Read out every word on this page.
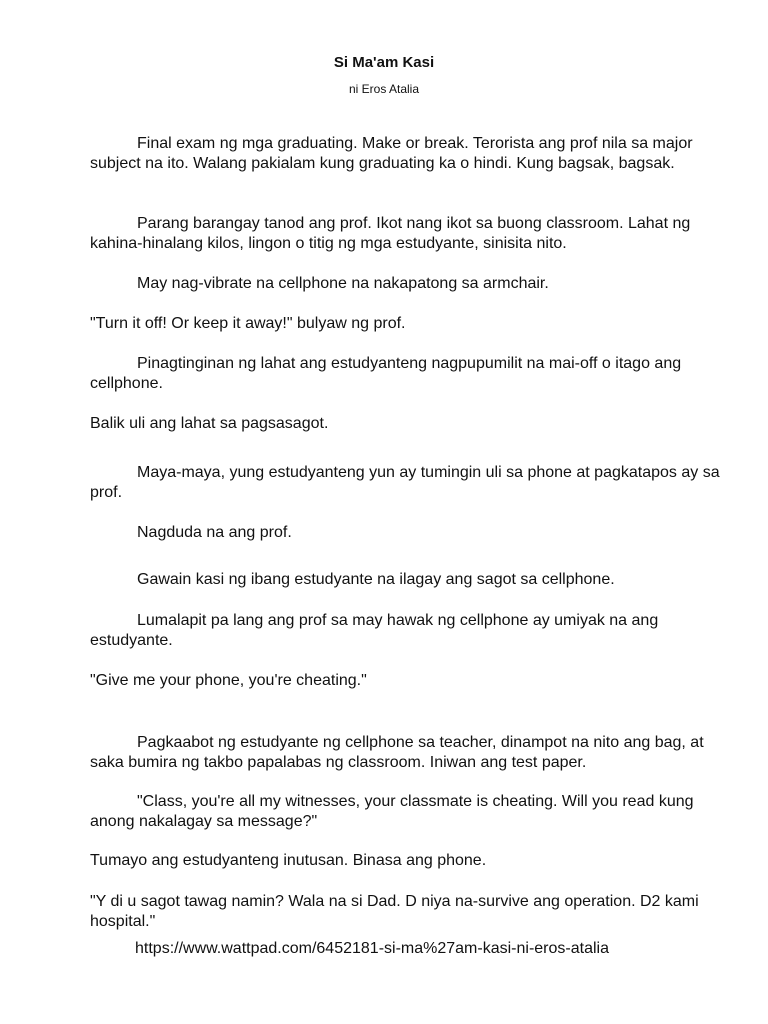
Si Ma'am Kasi
ni Eros Atalia

Final exam ng mga graduating. Make or break. Terorista ang prof nila sa major subject na ito. Walang pakialam kung graduating ka o hindi. Kung bagsak, bagsak.

Parang barangay tanod ang prof. Ikot nang ikot sa buong classroom. Lahat ng kahina-hinalang kilos, lingon o titig ng mga estudyante, sinisita nito.

May nag-vibrate na cellphone na nakapatong sa armchair.

"Turn it off! Or keep it away!" bulyaw ng prof.

Pinagtinginan ng lahat ang estudyanteng nagpupumilit na mai-off o itago ang cellphone.

Balik uli ang lahat sa pagsasagot.

Maya-maya, yung estudyanteng yun ay tumingin uli sa phone at pagkatapos ay sa prof.

Nagduda na ang prof.

Gawain kasi ng ibang estudyante na ilagay ang sagot sa cellphone.

Lumalapit pa lang ang prof sa may hawak ng cellphone ay umiyak na ang estudyante.

"Give me your phone, you're cheating."

Pagkaabot ng estudyante ng cellphone sa teacher, dinampot na nito ang bag, at saka bumira ng takbo papalabas ng classroom. Iniwan ang test paper.

"Class, you're all my witnesses, your classmate is cheating. Will you read kung anong nakalagay sa message?"

Tumayo ang estudyanteng inutusan. Binasa ang phone.

"Y di u sagot tawag namin? Wala na si Dad. D niya na-survive ang operation. D2 kami hospital."

https://www.wattpad.com/6452181-si-ma%27am-kasi-ni-eros-atalia
